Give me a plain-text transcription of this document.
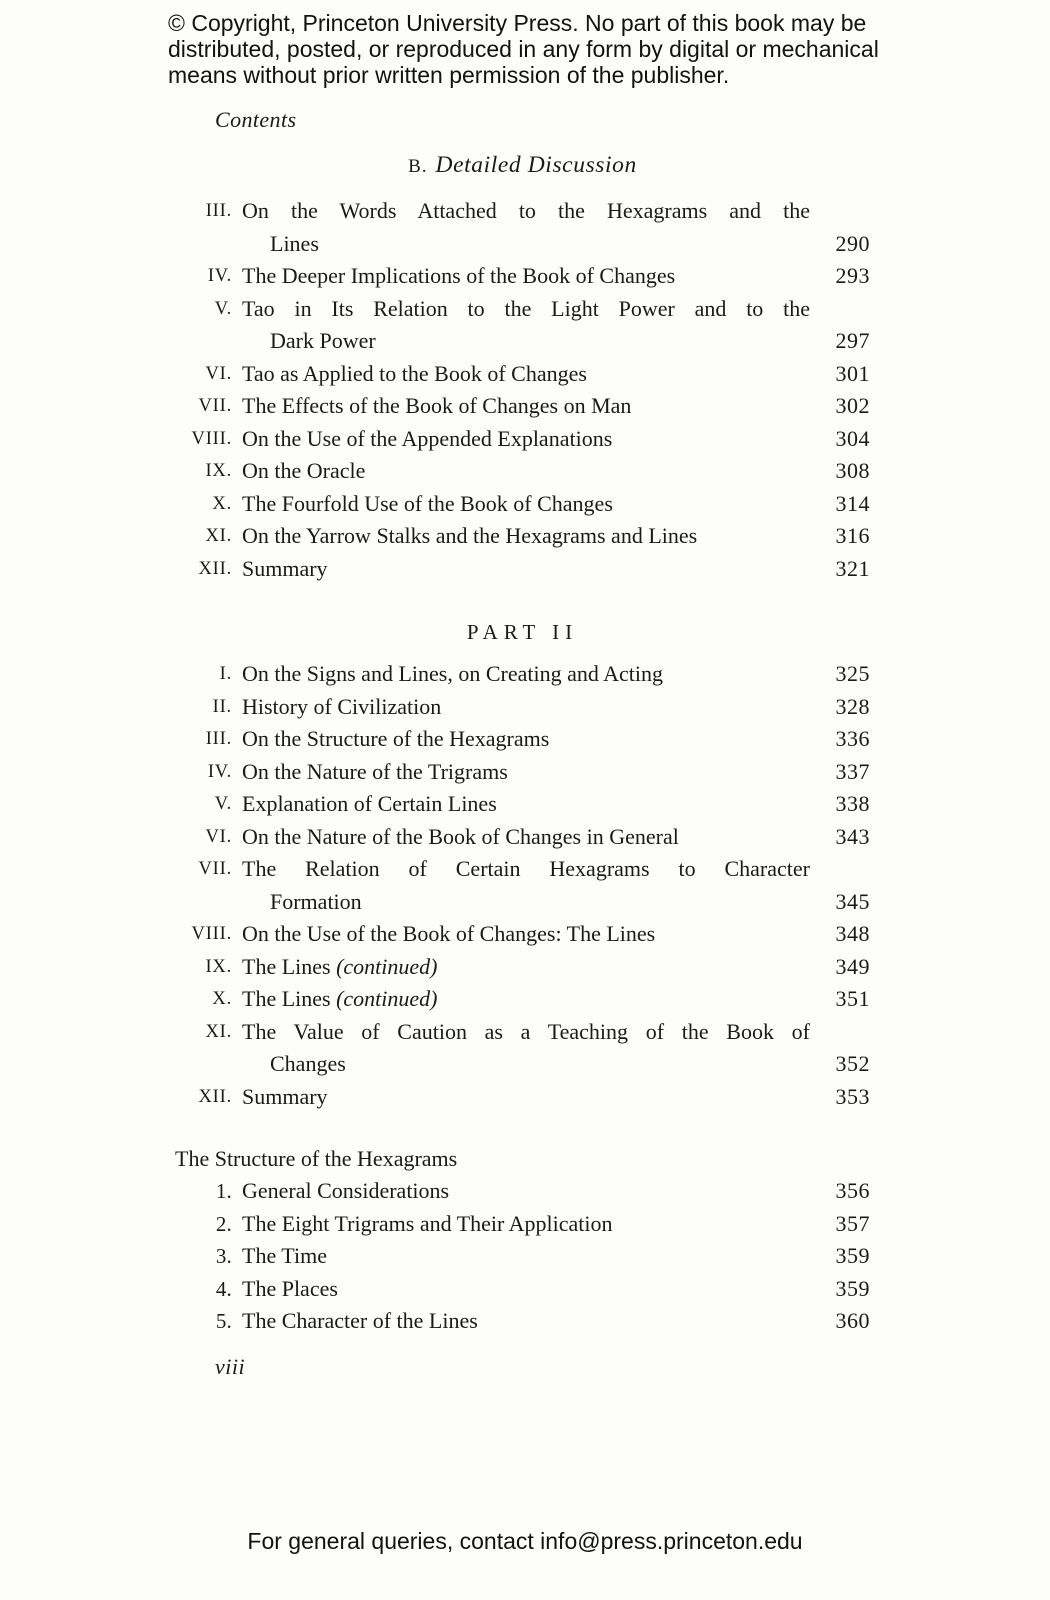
© Copyright, Princeton University Press. No part of this book may be distributed, posted, or reproduced in any form by digital or mechanical means without prior written permission of the publisher.
Contents
B. Detailed Discussion
III. On the Words Attached to the Hexagrams and the
Lines	290
IV. The Deeper Implications of the Book of Changes	293
V. Tao in Its Relation to the Light Power and to the
Dark Power	297
VI. Tao as Applied to the Book of Changes	301
VII. The Effects of the Book of Changes on Man	302
VIII. On the Use of the Appended Explanations	304
IX. On the Oracle	308
X. The Fourfold Use of the Book of Changes	314
XI. On the Yarrow Stalks and the Hexagrams and Lines	316
XII. Summary	321
PART II
I. On the Signs and Lines, on Creating and Acting	325
II. History of Civilization	328
III. On the Structure of the Hexagrams	336
IV. On the Nature of the Trigrams	337
V. Explanation of Certain Lines	338
VI. On the Nature of the Book of Changes in General	343
VII. The Relation of Certain Hexagrams to Character
Formation	345
VIII. On the Use of the Book of Changes: The Lines	348
IX. The Lines (continued)	349
X. The Lines (continued)	351
XI. The Value of Caution as a Teaching of the Book of
Changes	352
XII. Summary	353
The Structure of the Hexagrams
1. General Considerations	356
2. The Eight Trigrams and Their Application	357
3. The Time	359
4. The Places	359
5. The Character of the Lines	360
viii
For general queries, contact info@press.princeton.edu
